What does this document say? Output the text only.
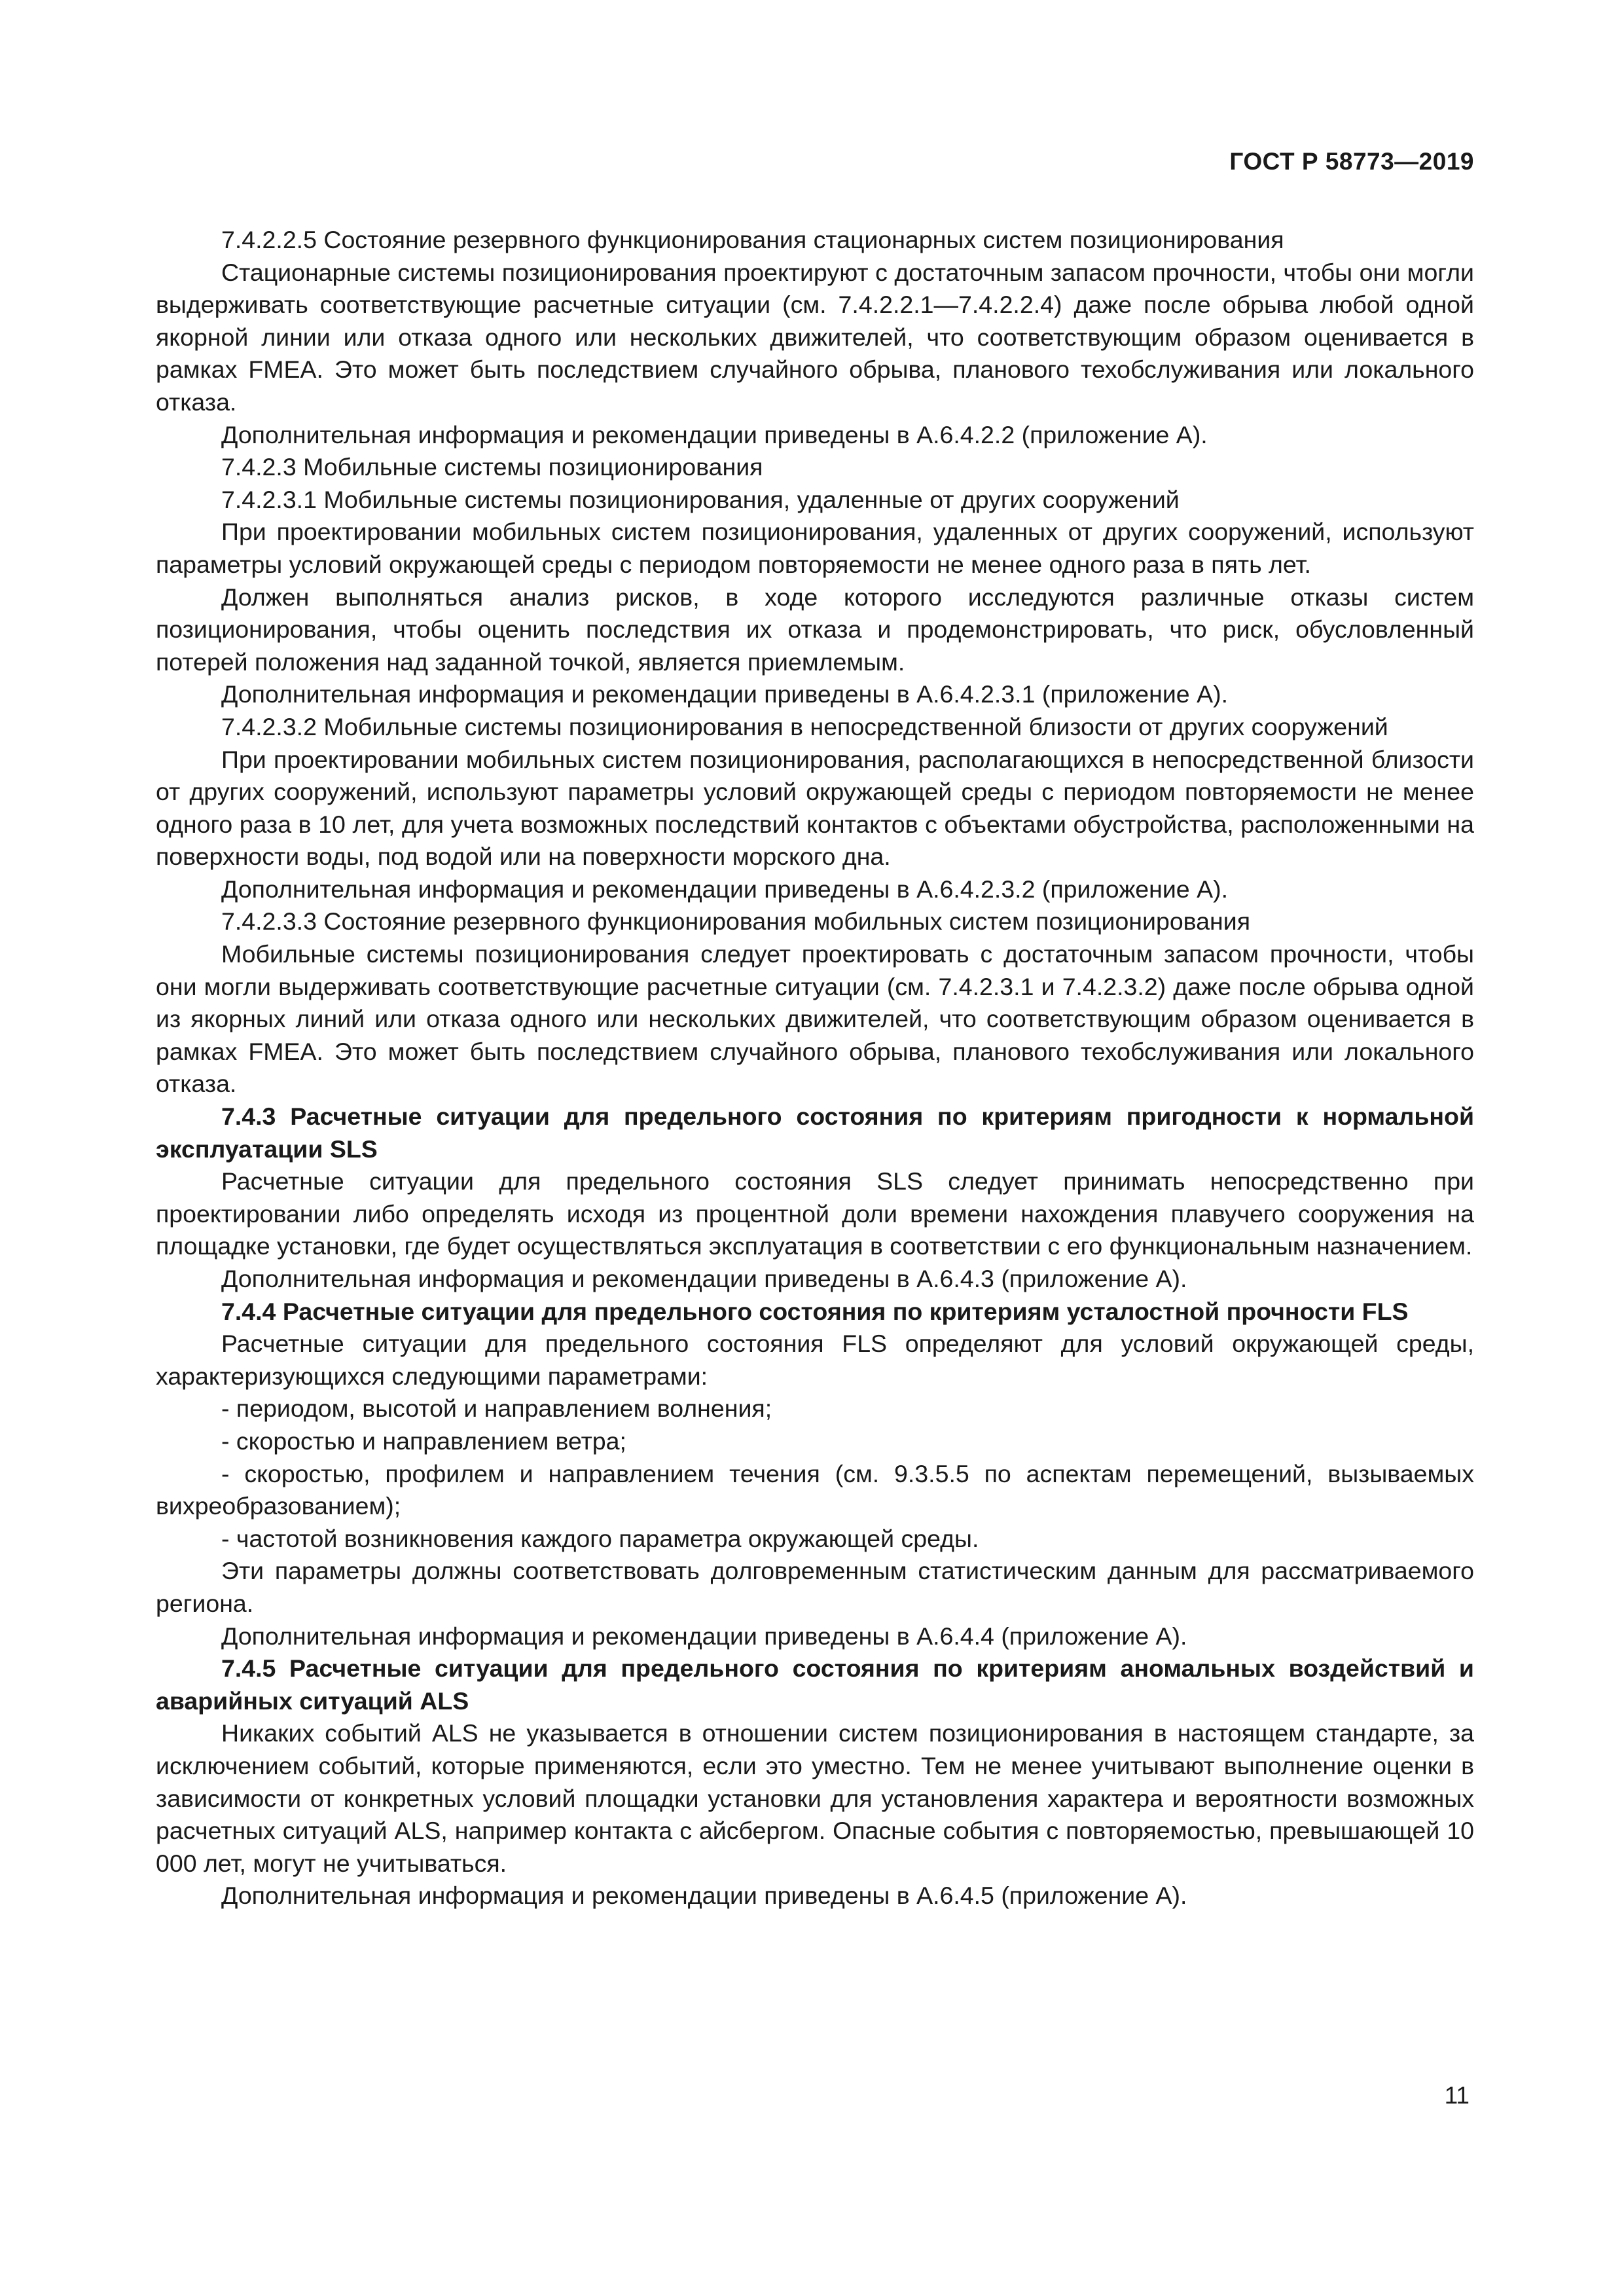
ГОСТ Р 58773—2019

7.4.2.2.5 Состояние резервного функционирования стационарных систем позиционирования

Стационарные системы позиционирования проектируют с достаточным запасом прочности, чтобы они могли выдерживать соответствующие расчетные ситуации (см. 7.4.2.2.1—7.4.2.2.4) даже после обрыва любой одной якорной линии или отказа одного или нескольких движителей, что соответствующим образом оценивается в рамках FMEA. Это может быть последствием случайного обрыва, планового техобслуживания или локального отказа.

Дополнительная информация и рекомендации приведены в А.6.4.2.2 (приложение А).

7.4.2.3 Мобильные системы позиционирования

7.4.2.3.1 Мобильные системы позиционирования, удаленные от других сооружений

При проектировании мобильных систем позиционирования, удаленных от других сооружений, используют параметры условий окружающей среды с периодом повторяемости не менее одного раза в пять лет.

Должен выполняться анализ рисков, в ходе которого исследуются различные отказы систем позиционирования, чтобы оценить последствия их отказа и продемонстрировать, что риск, обусловленный потерей положения над заданной точкой, является приемлемым.

Дополнительная информация и рекомендации приведены в А.6.4.2.3.1 (приложение А).

7.4.2.3.2 Мобильные системы позиционирования в непосредственной близости от других сооружений

При проектировании мобильных систем позиционирования, располагающихся в непосредственной близости от других сооружений, используют параметры условий окружающей среды с периодом повторяемости не менее одного раза в 10 лет, для учета возможных последствий контактов с объектами обустройства, расположенными на поверхности воды, под водой или на поверхности морского дна.

Дополнительная информация и рекомендации приведены в А.6.4.2.3.2 (приложение А).

7.4.2.3.3 Состояние резервного функционирования мобильных систем позиционирования

Мобильные системы позиционирования следует проектировать с достаточным запасом прочности, чтобы они могли выдерживать соответствующие расчетные ситуации (см. 7.4.2.3.1 и 7.4.2.3.2) даже после обрыва одной из якорных линий или отказа одного или нескольких движителей, что соответствующим образом оценивается в рамках FMEA. Это может быть последствием случайного обрыва, планового техобслуживания или локального отказа.

7.4.3 Расчетные ситуации для предельного состояния по критериям пригодности к нормальной эксплуатации SLS

Расчетные ситуации для предельного состояния SLS следует принимать непосредственно при проектировании либо определять исходя из процентной доли времени нахождения плавучего сооружения на площадке установки, где будет осуществляться эксплуатация в соответствии с его функциональным назначением.

Дополнительная информация и рекомендации приведены в А.6.4.3 (приложение А).

7.4.4 Расчетные ситуации для предельного состояния по критериям усталостной прочности FLS

Расчетные ситуации для предельного состояния FLS определяют для условий окружающей среды, характеризующихся следующими параметрами:

- периодом, высотой и направлением волнения;

- скоростью и направлением ветра;

- скоростью, профилем и направлением течения (см. 9.3.5.5 по аспектам перемещений, вызываемых вихреобразованием);

- частотой возникновения каждого параметра окружающей среды.

Эти параметры должны соответствовать долговременным статистическим данным для рассматриваемого региона.

Дополнительная информация и рекомендации приведены в А.6.4.4 (приложение А).

7.4.5 Расчетные ситуации для предельного состояния по критериям аномальных воздействий и аварийных ситуаций ALS

Никаких событий ALS не указывается в отношении систем позиционирования в настоящем стандарте, за исключением событий, которые применяются, если это уместно. Тем не менее учитывают выполнение оценки в зависимости от конкретных условий площадки установки для установления характера и вероятности возможных расчетных ситуаций ALS, например контакта с айсбергом. Опасные события с повторяемостью, превышающей 10 000 лет, могут не учитываться.

Дополнительная информация и рекомендации приведены в А.6.4.5 (приложение А).

11
